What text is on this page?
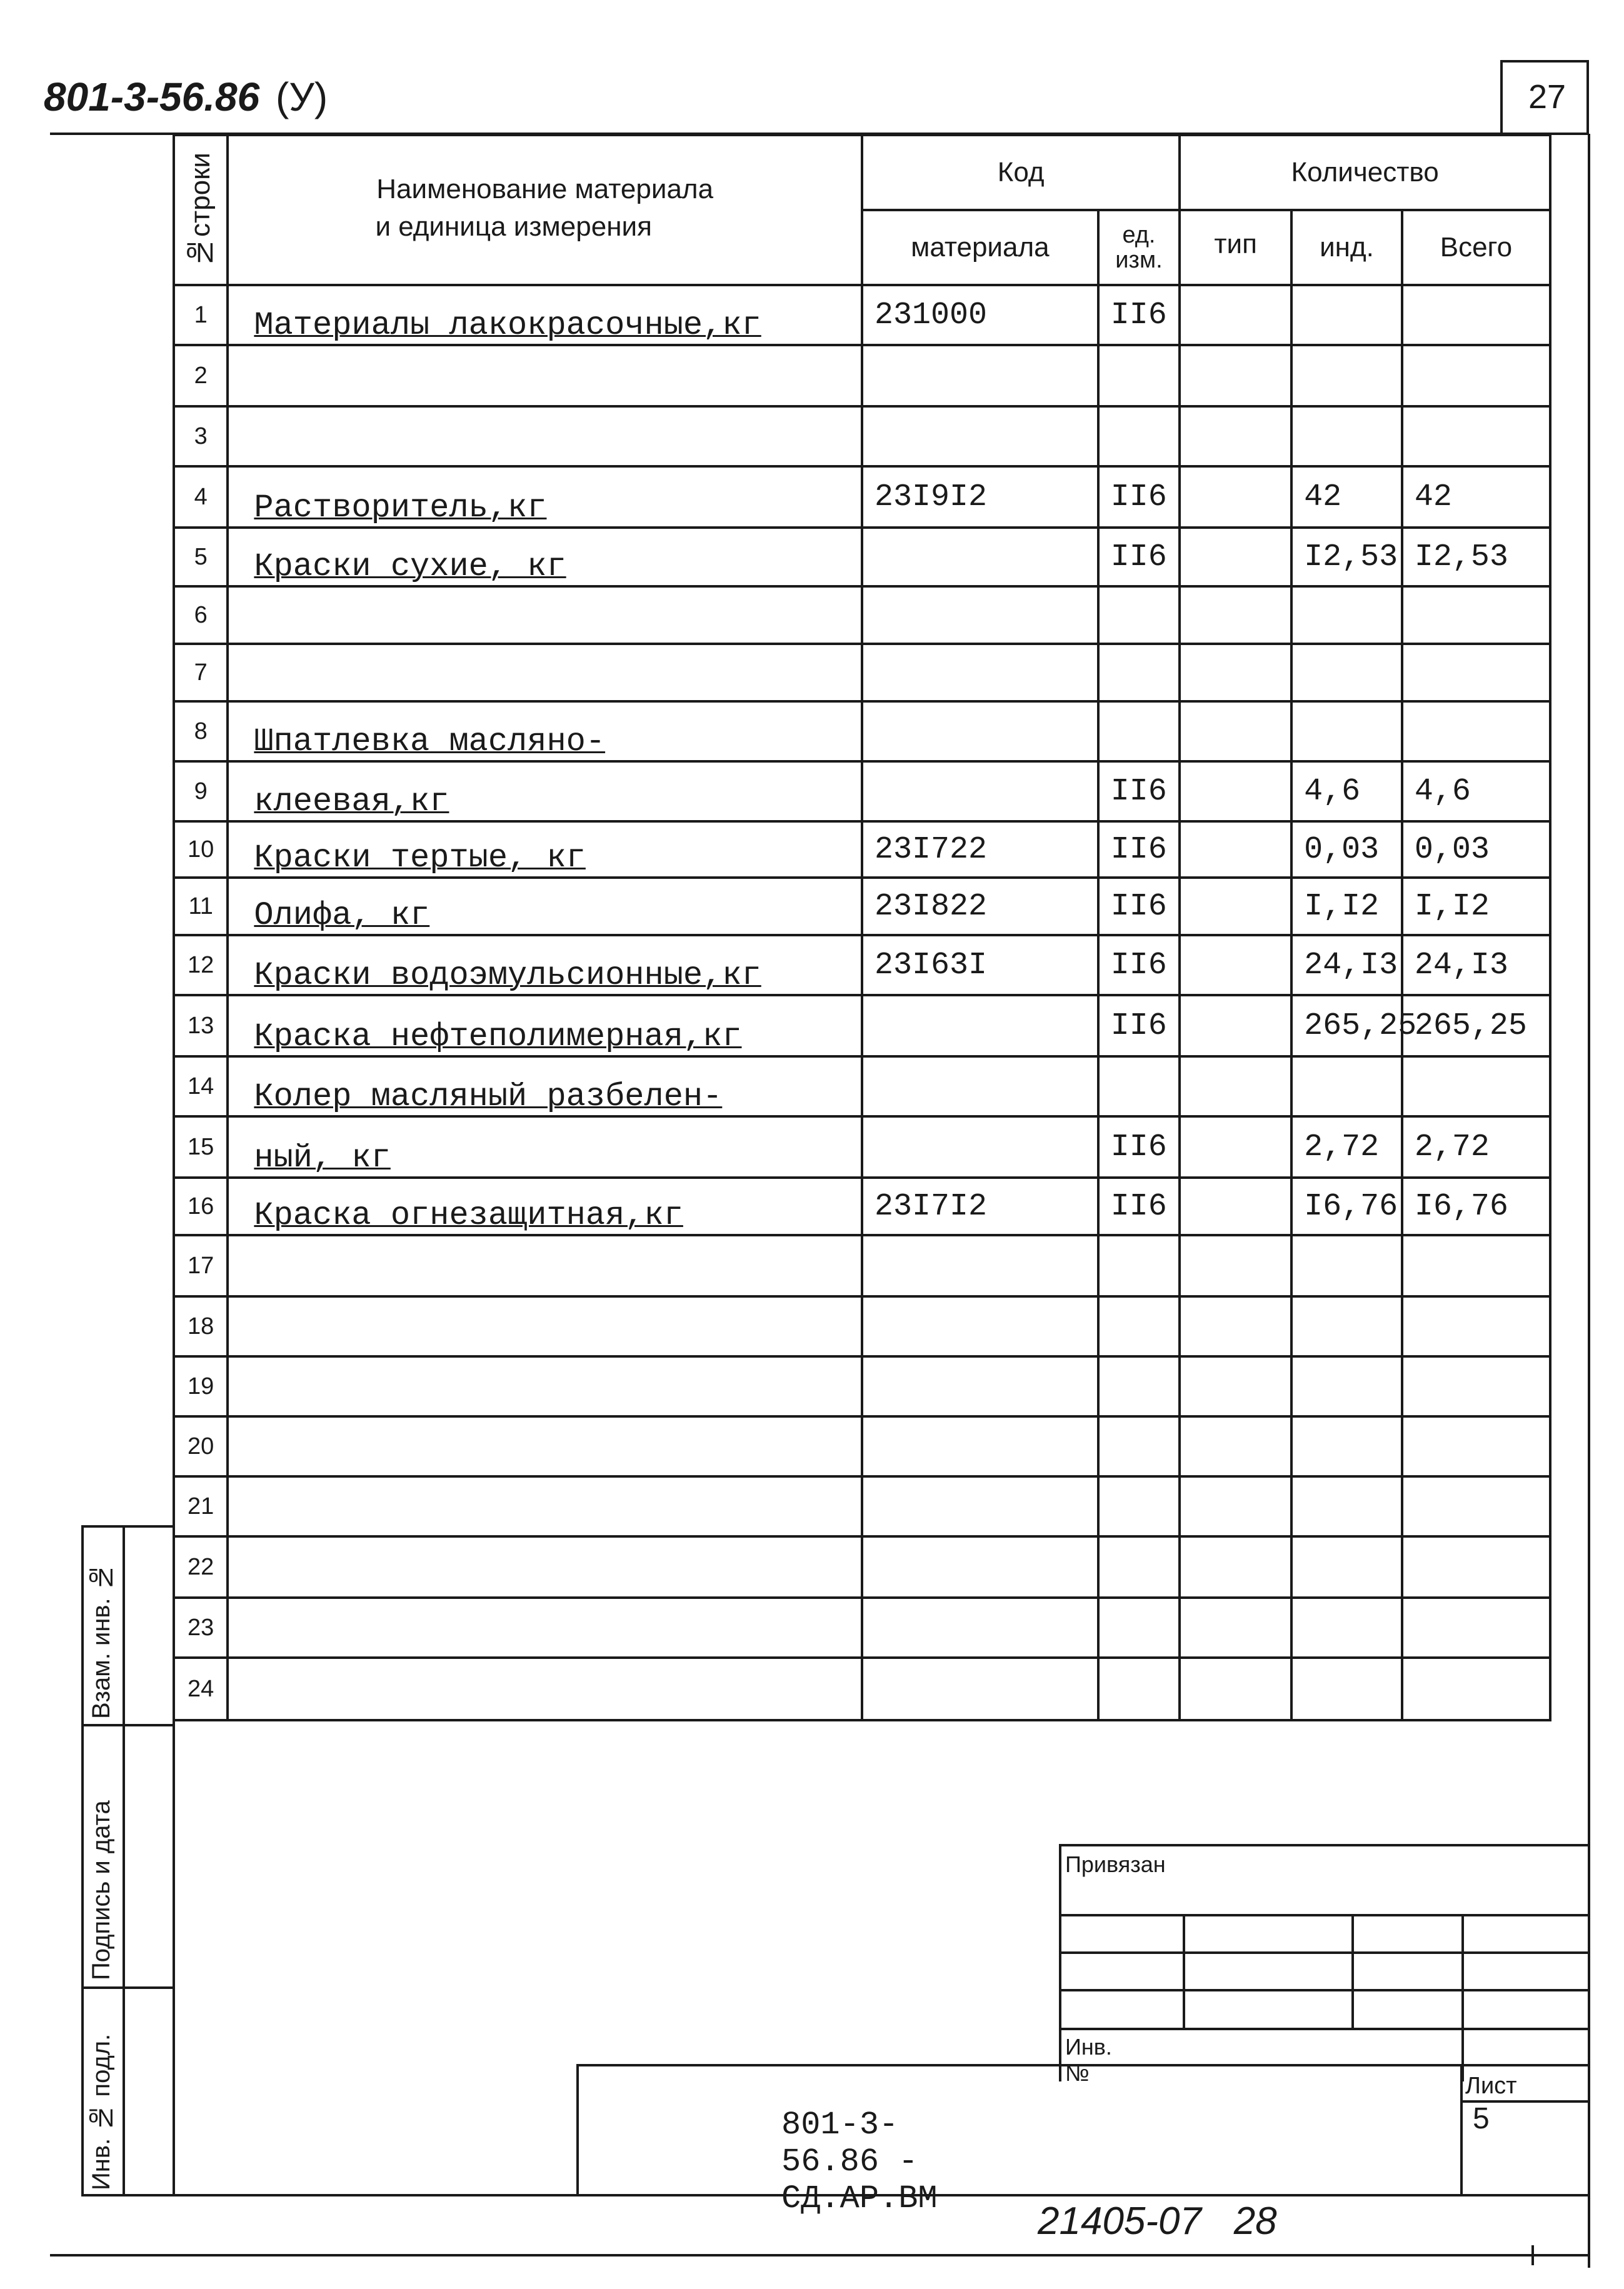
801-3-56.86 (У)	27
Взам. инв. №
Подпись и дата
Инв. № подл.
№строки	Наименование материала
и единица измерения	Код		Количество		
		материала	ед. изм.	тип	инд.	Всего
1	Материалы лакокрасочные,кг	231000	II6			
2						
3						
4	Растворитель,кг	23I9I2	II6		42	42
5	Краски сухие, кг		II6		I2,53	I2,53
6						
7						
8	Шпатлевка масляно-					
9	клеевая,кг		II6		4,6	4,6
10	Краски тертые, кг	23I722	II6		0,03	0,03
11	Олифа, кг	23I822	II6		I,I2	I,I2
12	Краски водоэмульсионные,кг	23I63I	II6		24,I3	24,I3
13	Краска нефтеполимерная,кг		II6		265,25	265,25
14	Колер масляный разбелен-					
15	ный, кг		II6		2,72	2,72
16	Краска огнезащитная,кг	23I7I2	II6		I6,76	I6,76
17						
18						
19						
20						
21						
22						
23						
24						
Привязан
Инв. №
801-3-56.86 - СД.АР.ВМ
Лист
5
21405-07   28
